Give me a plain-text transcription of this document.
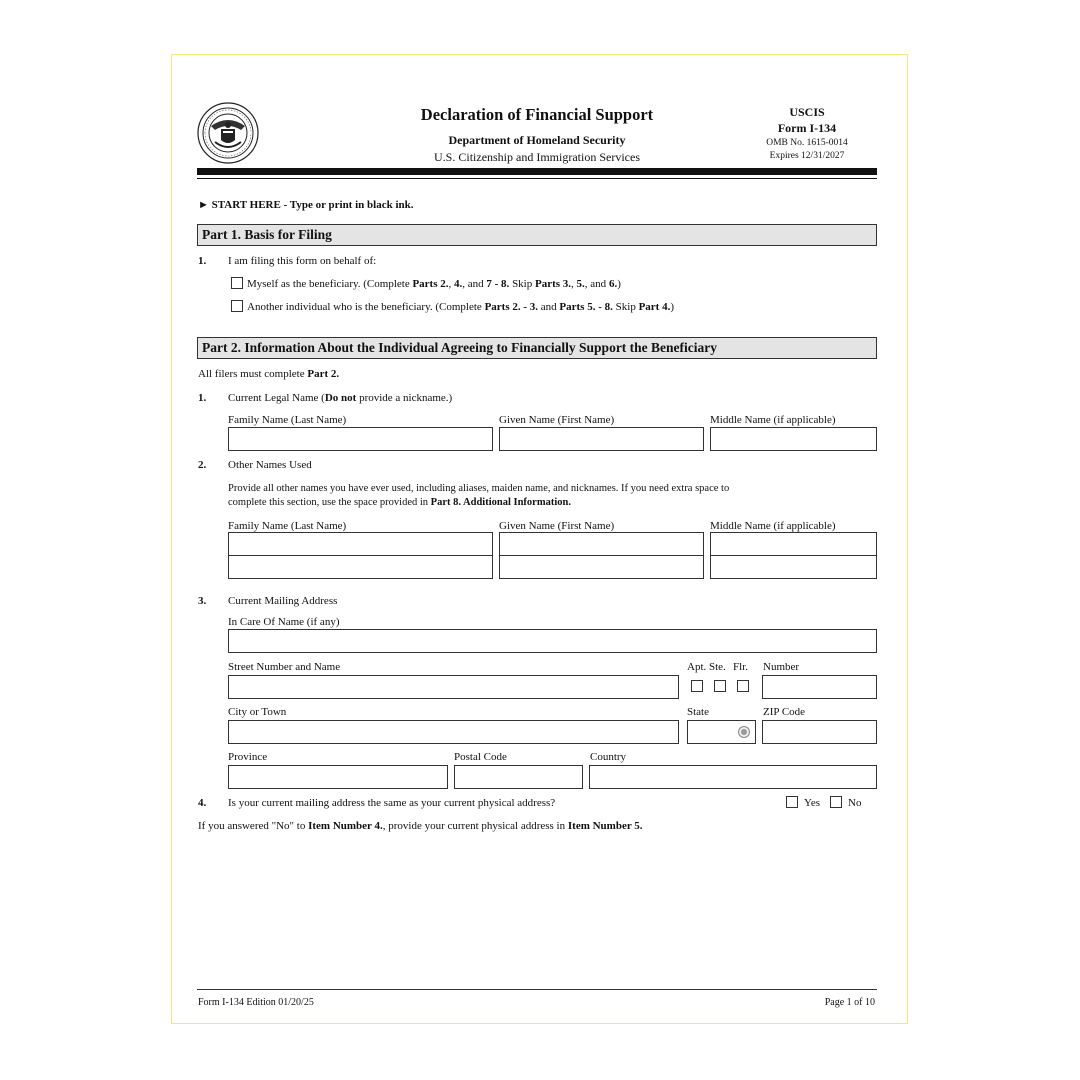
Declaration of Financial Support
Department of Homeland Security
U.S. Citizenship and Immigration Services
USCIS
Form I-134
OMB No. 1615-0014
Expires 12/31/2027
► START HERE - Type or print in black ink.
Part 1. Basis for Filing
1. I am filing this form on behalf of:
Myself as the beneficiary. (Complete Parts 2., 4., and 7 - 8. Skip Parts 3., 5., and 6.)
Another individual who is the beneficiary. (Complete Parts 2. - 3. and Parts 5. - 8. Skip Part 4.)
Part 2. Information About the Individual Agreeing to Financially Support the Beneficiary
All filers must complete Part 2.
1. Current Legal Name (Do not provide a nickname.)
Family Name (Last Name)	Given Name (First Name)	Middle Name (if applicable)
2. Other Names Used
Provide all other names you have ever used, including aliases, maiden name, and nicknames. If you need extra space to
complete this section, use the space provided in Part 8. Additional Information.
Family Name (Last Name)	Given Name (First Name)	Middle Name (if applicable)
3. Current Mailing Address
In Care Of Name (if any)
Street Number and Name	Apt. Ste. Flr. Number
City or Town	State	ZIP Code
Province	Postal Code	Country
4. Is your current mailing address the same as your current physical address?	Yes	No
If you answered "No" to Item Number 4., provide your current physical address in Item Number 5.
Form I-134 Edition 01/20/25	Page 1 of 10
